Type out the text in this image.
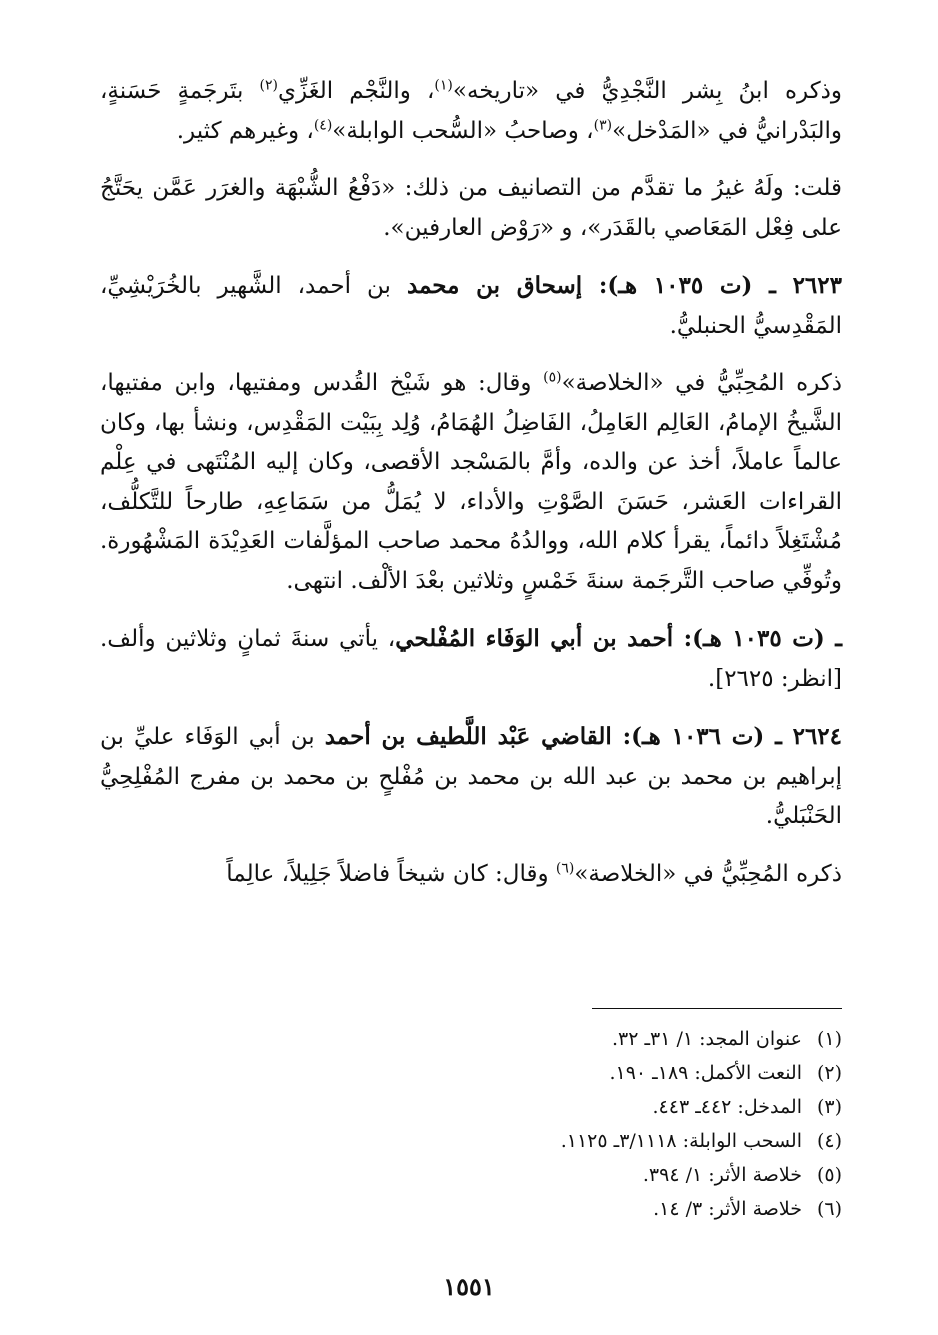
وذكره ابنُ بِشر النَّجْدِيُّ في «تاريخه»$^{(١)}$، والنَّجْم الغَزِّي$^{(٢)}$ بتَرجَمةٍ حَسَنةٍ، والبَدْرانيُّ في «المَدْخل»$^{(٣)}$، وصاحبُ «السُّحب الوابلة»$^{(٤)}$، وغيرهم كثير.

قلت: ولَهُ غيرُ ما تقدَّم من التصانيف من ذلك: «دَفْعُ الشُّبْهَة والغرَر عَمَّن يحَتَّجُ على فِعْل المَعَاصي بالقَدَر»، و «رَوْض العارفين».

٢٦٢٣ ـ (ت ١٠٣٥ هـ): إسحاق بن محمد بن أحمد، الشَّهير بالخُرَيْشِيِّ، المَقْدِسيُّ الحنبليُّ.

ذكره المُحِبِّيُّ في «الخلاصة»$^{(٥)}$ وقال: هو شَيْخ القُدس ومفتيها، وابن مفتيها، الشَّيخُ الإمامُ، العَالِم العَامِلُ، الفَاضِلُ الهُمَامُ، وُلِد بِبَيْت المَقْدِس، ونشأ بها، وكان عالماً عاملاً، أخذ عن والده، وأمَّ بالمَسْجد الأقصى، وكان إليه المُنْتَهى في عِلْم القراءات العَشر، حَسَنَ الصَّوْتِ والأداء، لا يُمَلُّ من سَمَاعِهِ، طارحاً للتَّكلُّف، مُشْتَغِلاً دائماً، يقرأ كلام الله، ووالدُهُ محمد صاحب المؤلَّفات العَدِيْدَة المَشْهُورة. وتُوفِّي صاحب التَّرجَمة سنةَ خَمْسٍ وثلاثين بعْدَ الألْف. انتهى.

ـ (ت ١٠٣٥ هـ): أحمد بن أبي الوَفَاء المُفْلحي، يأتي سنةَ ثمانٍ وثلاثين وألف. [انظر: ٢٦٢٥].

٢٦٢٤ ـ (ت ١٠٣٦ هـ): القاضي عَبْد اللَّطيف بن أحمد بن أبي الوَفَاء عليِّ بن إبراهيم بن محمد بن عبد الله بن محمد بن مُفْلحٍ بن محمد بن مفرج المُفْلِحِيُّ الحَنْبَليُّ.

ذكره المُحِبِّيُّ في «الخلاصة»$^{(٦)}$ وقال: كان شيخاً فاضلاً جَلِيلاً، عالِماً

(١)
عنوان المجد: ١/ ٣١ـ ٣٢.
(٢)
النعت الأكمل: ١٨٩ـ ١٩٠.
(٣)
المدخل: ٤٤٢ـ ٤٤٣.
(٤)
السحب الوابلة: ٣/١١١٨ـ ١١٢٥.
(٥)
خلاصة الأثر: ١/ ٣٩٤.
(٦)
خلاصة الأثر: ٣/ ١٤.
١٥٥١
